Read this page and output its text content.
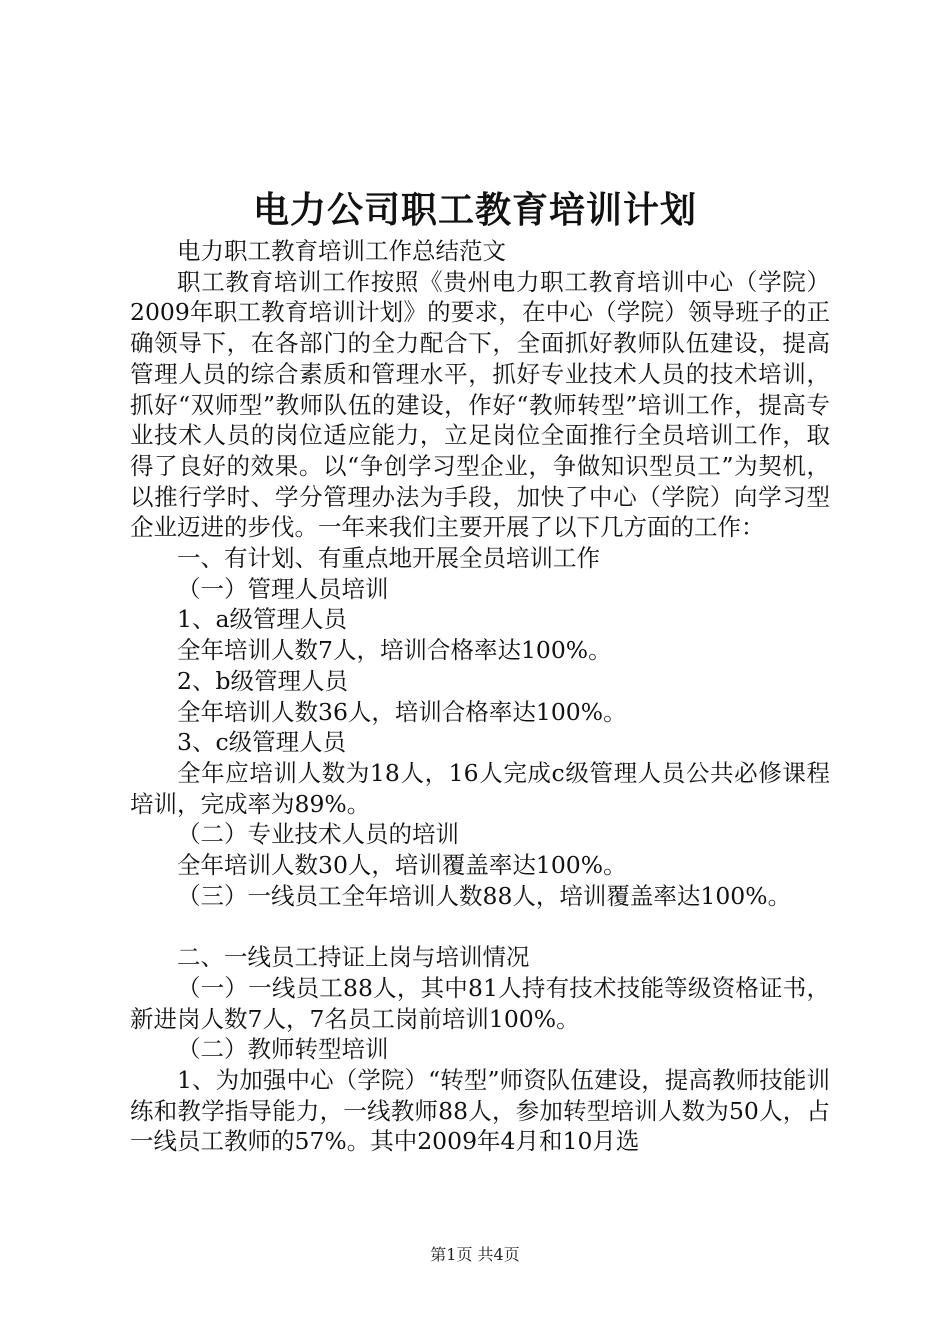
电力公司职工教育培训计划

电力职工教育培训工作总结范文

职工教育培训工作按照《贵州电力职工教育培训中心（学院）2009年职工教育培训计划》的要求，在中心（学院）领导班子的正确领导下，在各部门的全力配合下，全面抓好教师队伍建设，提高管理人员的综合素质和管理水平，抓好专业技术人员的技术培训，抓好“双师型”教师队伍的建设，作好“教师转型”培训工作，提高专业技术人员的岗位适应能力，立足岗位全面推行全员培训工作，取得了良好的效果。以“争创学习型企业，争做知识型员工”为契机，以推行学时、学分管理办法为手段，加快了中心（学院）向学习型企业迈进的步伐。一年来我们主要开展了以下几方面的工作：

一、有计划、有重点地开展全员培训工作

（一）管理人员培训

1、a级管理人员

全年培训人数7人，培训合格率达100%。

2、b级管理人员

全年培训人数36人，培训合格率达100%。

3、c级管理人员

全年应培训人数为18人，16人完成c级管理人员公共必修课程培训，完成率为89%。

（二）专业技术人员的培训

全年培训人数30人，培训覆盖率达100%。

（三）一线员工全年培训人数88人，培训覆盖率达100%。

二、一线员工持证上岗与培训情况

（一）一线员工88人，其中81人持有技术技能等级资格证书，新进岗人数7人，7名员工岗前培训100%。

（二）教师转型培训

1、为加强中心（学院）“转型”师资队伍建设，提高教师技能训练和教学指导能力，一线教师88人，参加转型培训人数为50人，占一线员工教师的57%。其中2009年4月和10月选

第1页 共4页
